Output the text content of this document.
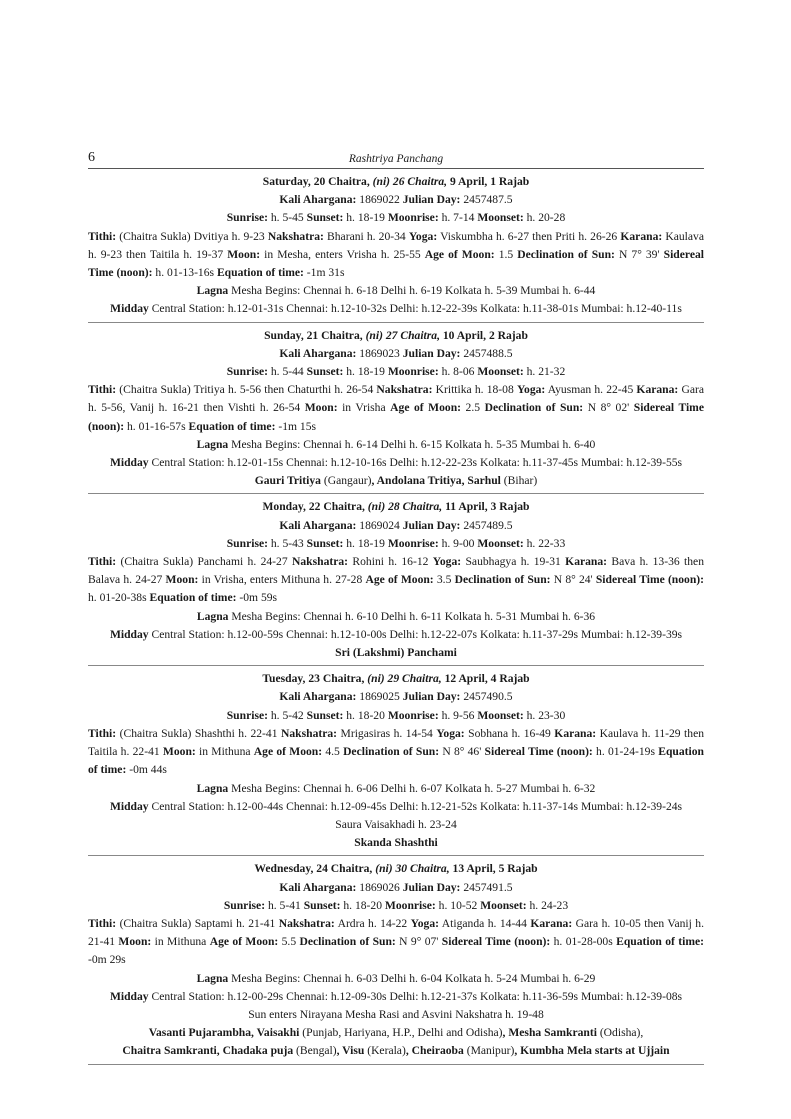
6	Rashtriya Panchang
Saturday, 20 Chaitra, (ni) 26 Chaitra, 9 April, 1 Rajab
Kali Ahargana: 1869022 Julian Day: 2457487.5
Sunrise: h. 5-45 Sunset: h. 18-19 Moonrise: h. 7-14 Moonset: h. 20-28
Tithi: (Chaitra Sukla) Dvitiya h. 9-23 Nakshatra: Bharani h. 20-34 Yoga: Viskumbha h. 6-27 then Priti h. 26-26 Karana: Kaulava h. 9-23 then Taitila h. 19-37 Moon: in Mesha, enters Vrisha h. 25-55 Age of Moon: 1.5 Declination of Sun: N 7° 39' Sidereal Time (noon): h. 01-13-16s Equation of time: -1m 31s
Lagna Mesha Begins: Chennai h. 6-18 Delhi h. 6-19 Kolkata h. 5-39 Mumbai h. 6-44
Midday Central Station: h.12-01-31s Chennai: h.12-10-32s Delhi: h.12-22-39s Kolkata: h.11-38-01s Mumbai: h.12-40-11s
Sunday, 21 Chaitra, (ni) 27 Chaitra, 10 April, 2 Rajab
Kali Ahargana: 1869023 Julian Day: 2457488.5
Sunrise: h. 5-44 Sunset: h. 18-19 Moonrise: h. 8-06 Moonset: h. 21-32
Tithi: (Chaitra Sukla) Tritiya h. 5-56 then Chaturthi h. 26-54 Nakshatra: Krittika h. 18-08 Yoga: Ayusman h. 22-45 Karana: Gara h. 5-56, Vanij h. 16-21 then Vishti h. 26-54 Moon: in Vrisha Age of Moon: 2.5 Declination of Sun: N 8° 02' Sidereal Time (noon): h. 01-16-57s Equation of time: -1m 15s
Lagna Mesha Begins: Chennai h. 6-14 Delhi h. 6-15 Kolkata h. 5-35 Mumbai h. 6-40
Midday Central Station: h.12-01-15s Chennai: h.12-10-16s Delhi: h.12-22-23s Kolkata: h.11-37-45s Mumbai: h.12-39-55s
Gauri Tritiya (Gangaur), Andolana Tritiya, Sarhul (Bihar)
Monday, 22 Chaitra, (ni) 28 Chaitra, 11 April, 3 Rajab
Kali Ahargana: 1869024 Julian Day: 2457489.5
Sunrise: h. 5-43 Sunset: h. 18-19 Moonrise: h. 9-00 Moonset: h. 22-33
Tithi: (Chaitra Sukla) Panchami h. 24-27 Nakshatra: Rohini h. 16-12 Yoga: Saubhagya h. 19-31 Karana: Bava h. 13-36 then Balava h. 24-27 Moon: in Vrisha, enters Mithuna h. 27-28 Age of Moon: 3.5 Declination of Sun: N 8° 24' Sidereal Time (noon): h. 01-20-38s Equation of time: -0m 59s
Lagna Mesha Begins: Chennai h. 6-10 Delhi h. 6-11 Kolkata h. 5-31 Mumbai h. 6-36
Midday Central Station: h.12-00-59s Chennai: h.12-10-00s Delhi: h.12-22-07s Kolkata: h.11-37-29s Mumbai: h.12-39-39s
Sri (Lakshmi) Panchami
Tuesday, 23 Chaitra, (ni) 29 Chaitra, 12 April, 4 Rajab
Kali Ahargana: 1869025 Julian Day: 2457490.5
Sunrise: h. 5-42 Sunset: h. 18-20 Moonrise: h. 9-56 Moonset: h. 23-30
Tithi: (Chaitra Sukla) Shashthi h. 22-41 Nakshatra: Mrigasiras h. 14-54 Yoga: Sobhana h. 16-49 Karana: Kaulava h. 11-29 then Taitila h. 22-41 Moon: in Mithuna Age of Moon: 4.5 Declination of Sun: N 8° 46' Sidereal Time (noon): h. 01-24-19s Equation of time: -0m 44s
Lagna Mesha Begins: Chennai h. 6-06 Delhi h. 6-07 Kolkata h. 5-27 Mumbai h. 6-32
Midday Central Station: h.12-00-44s Chennai: h.12-09-45s Delhi: h.12-21-52s Kolkata: h.11-37-14s Mumbai: h.12-39-24s
Saura Vaisakhadi h. 23-24
Skanda Shashthi
Wednesday, 24 Chaitra, (ni) 30 Chaitra, 13 April, 5 Rajab
Kali Ahargana: 1869026 Julian Day: 2457491.5
Sunrise: h. 5-41 Sunset: h. 18-20 Moonrise: h. 10-52 Moonset: h. 24-23
Tithi: (Chaitra Sukla) Saptami h. 21-41 Nakshatra: Ardra h. 14-22 Yoga: Atiganda h. 14-44 Karana: Gara h. 10-05 then Vanij h. 21-41 Moon: in Mithuna Age of Moon: 5.5 Declination of Sun: N 9° 07' Sidereal Time (noon): h. 01-28-00s Equation of time: -0m 29s
Lagna Mesha Begins: Chennai h. 6-03 Delhi h. 6-04 Kolkata h. 5-24 Mumbai h. 6-29
Midday Central Station: h.12-00-29s Chennai: h.12-09-30s Delhi: h.12-21-37s Kolkata: h.11-36-59s Mumbai: h.12-39-08s
Sun enters Nirayana Mesha Rasi and Asvini Nakshatra h. 19-48
Vasanti Pujarambha, Vaisakhi (Punjab, Hariyana, H.P., Delhi and Odisha), Mesha Samkranti (Odisha),
Chaitra Samkranti, Chadaka puja (Bengal), Visu (Kerala), Cheiraoba (Manipur), Kumbha Mela starts at Ujjain
